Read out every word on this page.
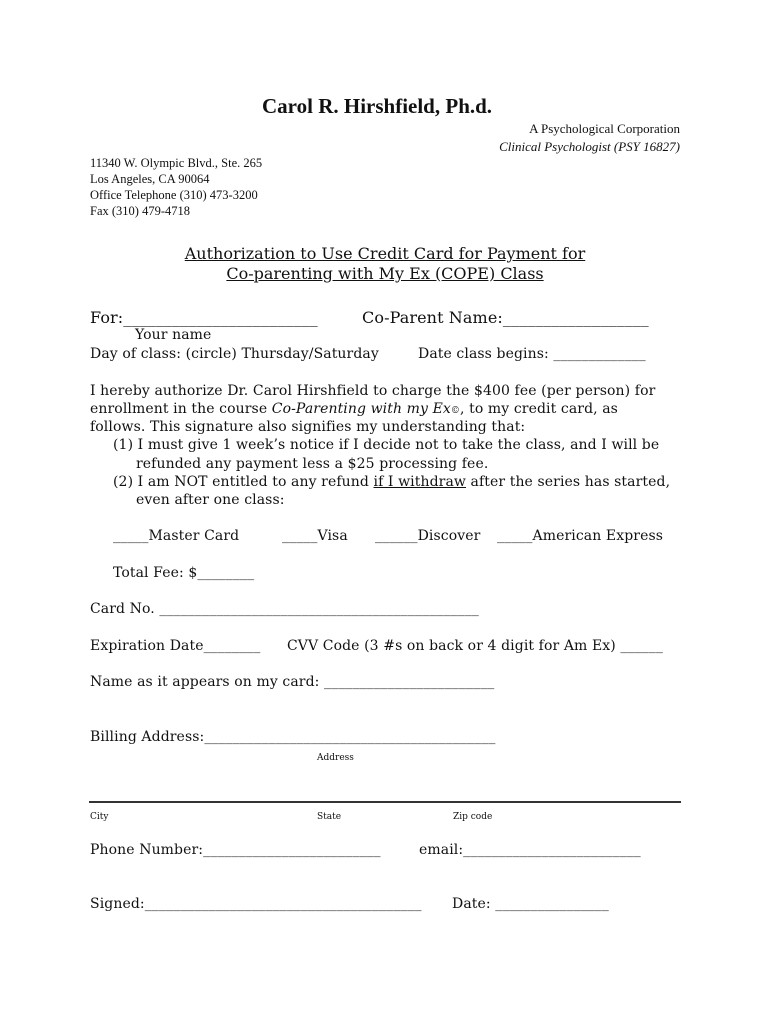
Carol R. Hirshfield, Ph.d.
A Psychological Corporation
Clinical Psychologist (PSY 16827)
11340 W. Olympic Blvd., Ste. 265
Los Angeles, CA 90064
Office Telephone (310) 473-3200
Fax (310) 479-4718
Authorization to Use Credit Card for Payment for
Co-parenting with My Ex (COPE) Class
For:________________________	Co-Parent Name:__________________
Your name
Day of class: (circle) Thursday/Saturday	Date class begins: _____________
I hereby authorize Dr. Carol Hirshfield to charge the $400 fee (per person) for
enrollment in the course Co-Parenting with my Ex©, to my credit card, as
follows. This signature also signifies my understanding that:
(1) I must give 1 week’s notice if I decide not to take the class, and I will be
refunded any payment less a $25 processing fee.
(2) I am NOT entitled to any refund if I withdraw after the series has started,
even after one class:
_____Master Card	_____Visa ______Discover _____American Express
Total Fee: $________
Card No. _____________________________________________
Expiration Date________ CVV Code (3 #s on back or 4 digit for Am Ex) ______
Name as it appears on my card: ________________________
Billing Address:_________________________________________
Address
City	State	Zip code
Phone Number:_________________________	email:_________________________
Signed:_______________________________________ Date: ________________
